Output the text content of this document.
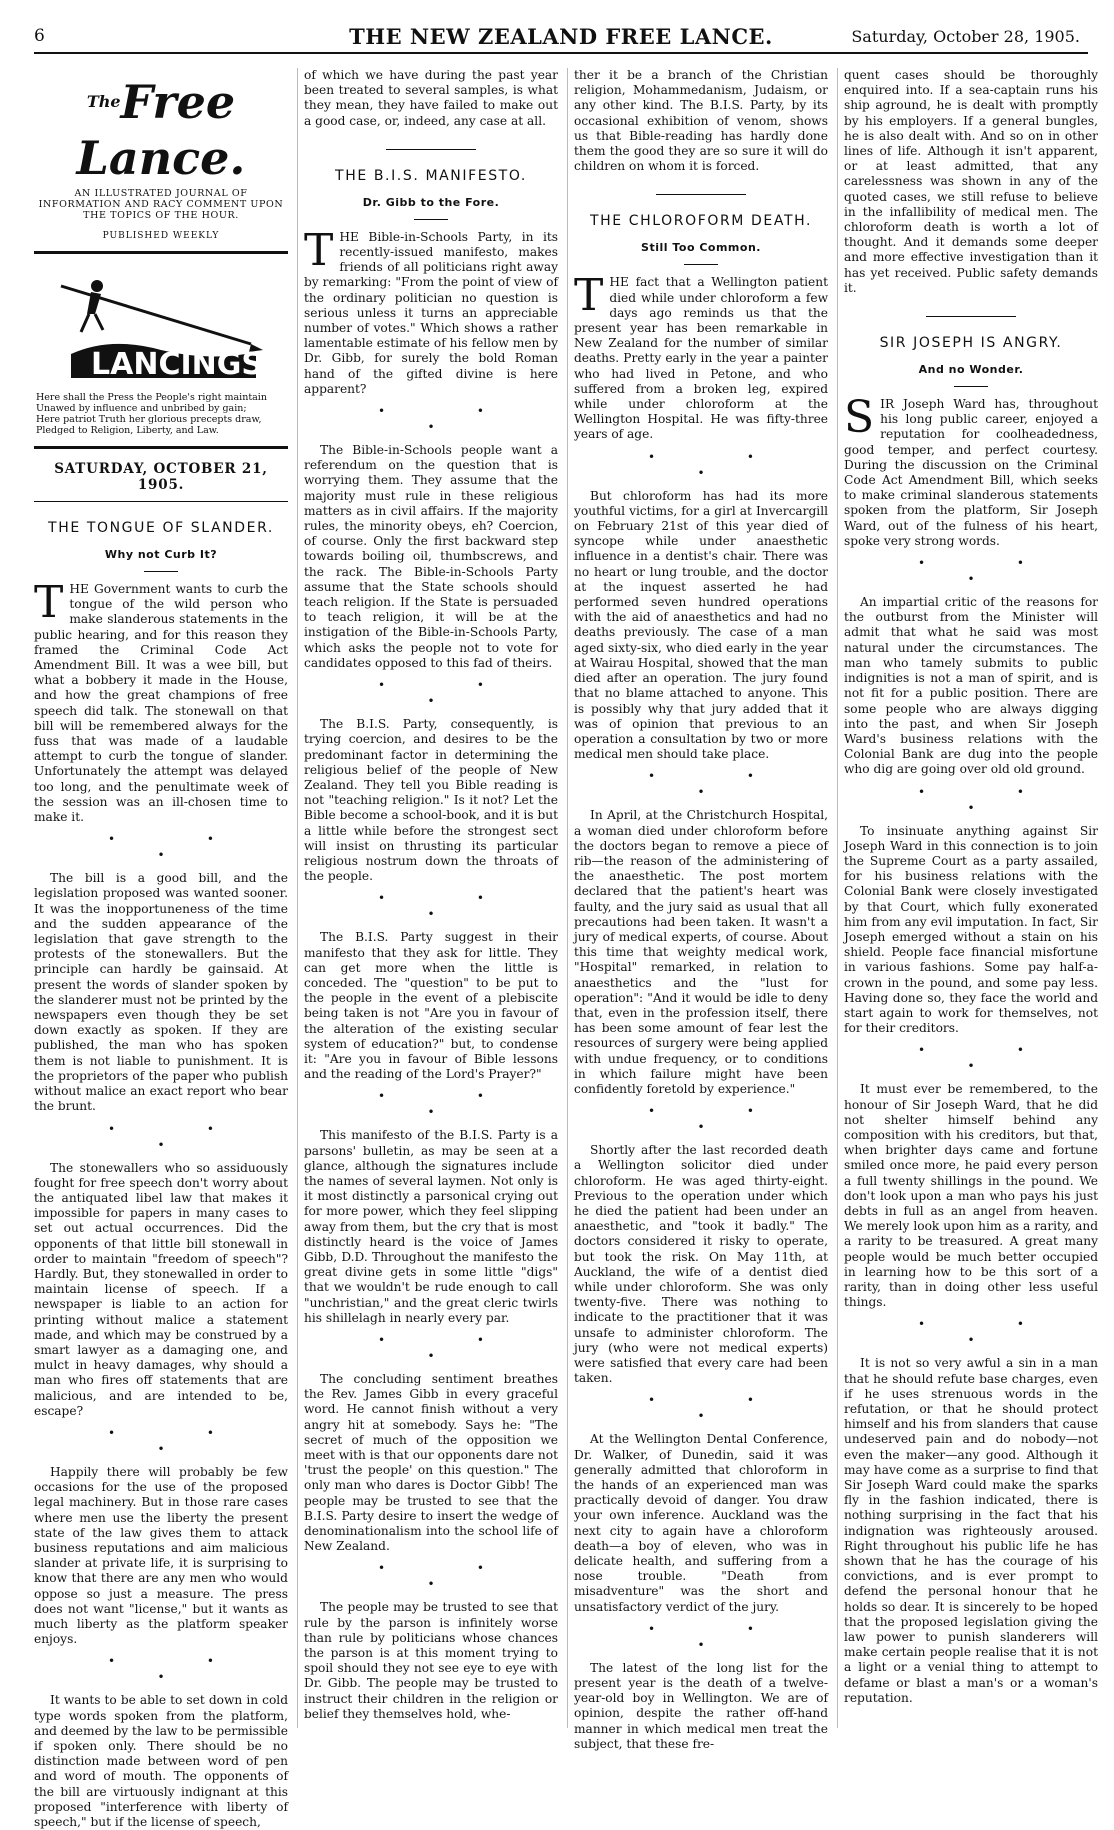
6	THE NEW ZEALAND FREE LANCE.	Saturday, October 28, 1905.
$^{The}$Free Lance.
AN ILLUSTRATED JOURNAL OF INFORMATION AND RACY COMMENT UPON THE TOPICS OF THE HOUR.
PUBLISHED WEEKLY
LANCINGS
Here shall the Press the People's right maintain
Unawed by influence and unbribed by gain;
Here patriot Truth her glorious precepts draw,
Pledged to Religion, Liberty, and Law.
SATURDAY, OCTOBER 21, 1905.
THE TONGUE OF SLANDER.
Why not Curb It?

THE Government wants to curb the tongue of the wild person who make slanderous statements in the public hearing, and for this reason they framed the Criminal Code Act Amendment Bill. It was a wee bill, but what a bobbery it made in the House, and how the great champions of free speech did talk. The stonewall on that bill will be remembered always for the fuss that was made of a laudable attempt to curb the tongue of slander. Unfortunately the attempt was delayed too long, and the penultimate week of the session was an ill-chosen time to make it.

• • •

The bill is a good bill, and the legislation proposed was wanted sooner. It was the inopportuneness of the time and the sudden appearance of the legislation that gave strength to the protests of the stonewallers. But the principle can hardly be gainsaid. At present the words of slander spoken by the slanderer must not be printed by the newspapers even though they be set down exactly as spoken. If they are published, the man who has spoken them is not liable to punishment. It is the proprietors of the paper who publish without malice an exact report who bear the brunt.

• • •

The stonewallers who so assiduously fought for free speech don't worry about the antiquated libel law that makes it impossible for papers in many cases to set out actual occurrences. Did the opponents of that little bill stonewall in order to maintain "freedom of speech"? Hardly. But, they stonewalled in order to maintain license of speech. If a newspaper is liable to an action for printing without malice a statement made, and which may be construed by a smart lawyer as a damaging one, and mulct in heavy damages, why should a man who fires off statements that are malicious, and are intended to be, escape?

• • •

Happily there will probably be few occasions for the use of the proposed legal machinery. But in those rare cases where men use the liberty the present state of the law gives them to attack business reputations and aim malicious slander at private life, it is surprising to know that there are any men who would oppose so just a measure. The press does not want "license," but it wants as much liberty as the platform speaker enjoys.

• • •

It wants to be able to set down in cold type words spoken from the platform, and deemed by the law to be permissible if spoken only. There should be no distinction made between word of pen and word of mouth. The opponents of the bill are virtuously indignant at this proposed "interference with liberty of speech," but if the license of speech,

of which we have during the past year been treated to several samples, is what they mean, they have failed to make out a good case, or, indeed, any case at all.

THE B.I.S. MANIFESTO.
Dr. Gibb to the Fore.

THE Bible-in-Schools Party, in its recently-issued manifesto, makes friends of all politicians right away by remarking: "From the point of view of the ordinary politician no question is serious unless it turns an appreciable number of votes." Which shows a rather lamentable estimate of his fellow men by Dr. Gibb, for surely the bold Roman hand of the gifted divine is here apparent?

• • •

The Bible-in-Schools people want a referendum on the question that is worrying them. They assume that the majority must rule in these religious matters as in civil affairs. If the majority rules, the minority obeys, eh? Coercion, of course. Only the first backward step towards boiling oil, thumbscrews, and the rack. The Bible-in-Schools Party assume that the State schools should teach religion. If the State is persuaded to teach religion, it will be at the instigation of the Bible-in-Schools Party, which asks the people not to vote for candidates opposed to this fad of theirs.

• • •

The B.I.S. Party, consequently, is trying coercion, and desires to be the predominant factor in determining the religious belief of the people of New Zealand. They tell you Bible reading is not "teaching religion." Is it not? Let the Bible become a school-book, and it is but a little while before the strongest sect will insist on thrusting its particular religious nostrum down the throats of the people.

• • •

The B.I.S. Party suggest in their manifesto that they ask for little. They can get more when the little is conceded. The "question" to be put to the people in the event of a plebiscite being taken is not "Are you in favour of the alteration of the existing secular system of education?" but, to condense it: "Are you in favour of Bible lessons and the reading of the Lord's Prayer?"

• • •

This manifesto of the B.I.S. Party is a parsons' bulletin, as may be seen at a glance, although the signatures include the names of several laymen. Not only is it most distinctly a parsonical crying out for more power, which they feel slipping away from them, but the cry that is most distinctly heard is the voice of James Gibb, D.D. Throughout the manifesto the great divine gets in some little "digs" that we wouldn't be rude enough to call "unchristian," and the great cleric twirls his shillelagh in nearly every par.

• • •

The concluding sentiment breathes the Rev. James Gibb in every graceful word. He cannot finish without a very angry hit at somebody. Says he: "The secret of much of the opposition we meet with is that our opponents dare not 'trust the people' on this question." The only man who dares is Doctor Gibb! The people may be trusted to see that the B.I.S. Party desire to insert the wedge of denominationalism into the school life of New Zealand.

• • •

The people may be trusted to see that rule by the parson is infinitely worse than rule by politicians whose chances the parson is at this moment trying to spoil should they not see eye to eye with Dr. Gibb. The people may be trusted to instruct their children in the religion or belief they themselves hold, whe-

ther it be a branch of the Christian religion, Mohammedanism, Judaism, or any other kind. The B.I.S. Party, by its occasional exhibition of venom, shows us that Bible-reading has hardly done them the good they are so sure it will do children on whom it is forced.

THE CHLOROFORM DEATH.
Still Too Common.

THE fact that a Wellington patient died while under chloroform a few days ago reminds us that the present year has been remarkable in New Zealand for the number of similar deaths. Pretty early in the year a painter who had lived in Petone, and who suffered from a broken leg, expired while under chloroform at the Wellington Hospital. He was fifty-three years of age.

• • •

But chloroform has had its more youthful victims, for a girl at Invercargill on February 21st of this year died of syncope while under anaesthetic influence in a dentist's chair. There was no heart or lung trouble, and the doctor at the inquest asserted he had performed seven hundred operations with the aid of anaesthetics and had no deaths previously. The case of a man aged sixty-six, who died early in the year at Wairau Hospital, showed that the man died after an operation. The jury found that no blame attached to anyone. This is possibly why that jury added that it was of opinion that previous to an operation a consultation by two or more medical men should take place.

• • •

In April, at the Christchurch Hospital, a woman died under chloroform before the doctors began to remove a piece of rib—the reason of the administering of the anaesthetic. The post mortem declared that the patient's heart was faulty, and the jury said as usual that all precautions had been taken. It wasn't a jury of medical experts, of course. About this time that weighty medical work, "Hospital" remarked, in relation to anaesthetics and the "lust for operation": "And it would be idle to deny that, even in the profession itself, there has been some amount of fear lest the resources of surgery were being applied with undue frequency, or to conditions in which failure might have been confidently foretold by experience."

• • •

Shortly after the last recorded death a Wellington solicitor died under chloroform. He was aged thirty-eight. Previous to the operation under which he died the patient had been under an anaesthetic, and "took it badly." The doctors considered it risky to operate, but took the risk. On May 11th, at Auckland, the wife of a dentist died while under chloroform. She was only twenty-five. There was nothing to indicate to the practitioner that it was unsafe to administer chloroform. The jury (who were not medical experts) were satisfied that every care had been taken.

• • •

At the Wellington Dental Conference, Dr. Walker, of Dunedin, said it was generally admitted that chloroform in the hands of an experienced man was practically devoid of danger. You draw your own inference. Auckland was the next city to again have a chloroform death—a boy of eleven, who was in delicate health, and suffering from a nose trouble. "Death from misadventure" was the short and unsatisfactory verdict of the jury.

• • •

The latest of the long list for the present year is the death of a twelve-year-old boy in Wellington. We are of opinion, despite the rather off-hand manner in which medical men treat the subject, that these fre-

quent cases should be thoroughly enquired into. If a sea-captain runs his ship aground, he is dealt with promptly by his employers. If a general bungles, he is also dealt with. And so on in other lines of life. Although it isn't apparent, or at least admitted, that any carelessness was shown in any of the quoted cases, we still refuse to believe in the infallibility of medical men. The chloroform death is worth a lot of thought. And it demands some deeper and more effective investigation than it has yet received. Public safety demands it.

SIR JOSEPH IS ANGRY.
And no Wonder.

SIR Joseph Ward has, throughout his long public career, enjoyed a reputation for coolheadedness, good temper, and perfect courtesy. During the discussion on the Criminal Code Act Amendment Bill, which seeks to make criminal slanderous statements spoken from the platform, Sir Joseph Ward, out of the fulness of his heart, spoke very strong words.

• • •

An impartial critic of the reasons for the outburst from the Minister will admit that what he said was most natural under the circumstances. The man who tamely submits to public indignities is not a man of spirit, and is not fit for a public position. There are some people who are always digging into the past, and when Sir Joseph Ward's business relations with the Colonial Bank are dug into the people who dig are going over old old ground.

• • •

To insinuate anything against Sir Joseph Ward in this connection is to join the Supreme Court as a party assailed, for his business relations with the Colonial Bank were closely investigated by that Court, which fully exonerated him from any evil imputation. In fact, Sir Joseph emerged without a stain on his shield. People face financial misfortune in various fashions. Some pay half-a-crown in the pound, and some pay less. Having done so, they face the world and start again to work for themselves, not for their creditors.

• • •

It must ever be remembered, to the honour of Sir Joseph Ward, that he did not shelter himself behind any composition with his creditors, but that, when brighter days came and fortune smiled once more, he paid every person a full twenty shillings in the pound. We don't look upon a man who pays his just debts in full as an angel from heaven. We merely look upon him as a rarity, and a rarity to be treasured. A great many people would be much better occupied in learning how to be this sort of a rarity, than in doing other less useful things.

• • •

It is not so very awful a sin in a man that he should refute base charges, even if he uses strenuous words in the refutation, or that he should protect himself and his from slanders that cause undeserved pain and do nobody—not even the maker—any good. Although it may have come as a surprise to find that Sir Joseph Ward could make the sparks fly in the fashion indicated, there is nothing surprising in the fact that his indignation was righteously aroused. Right throughout his public life he has shown that he has the courage of his convictions, and is ever prompt to defend the personal honour that he holds so dear. It is sincerely to be hoped that the proposed legislation giving the law power to punish slanderers will make certain people realise that it is not a light or a venial thing to attempt to defame or blast a man's or a woman's reputation.
